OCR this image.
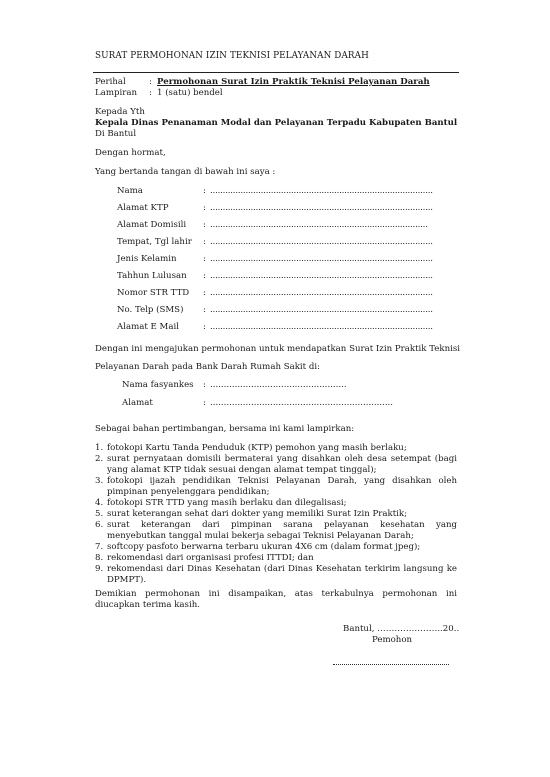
SURAT PERMOHONAN IZIN TEKNISI PELAYANAN DARAH
Perihal	: Permohonan Surat Izin Praktik Teknisi Pelayanan Darah
Lampiran : 1 (satu) bendel
Kepada Yth
Kepala Dinas Penanaman Modal dan Pelayanan Terpadu Kabupaten Bantul
Di Bantul
Dengan hormat,
Yang bertanda tangan di bawah ini saya :
Nama	: ........................................................................................
Alamat KTP	: ........................................................................................
Alamat Domisili : ......................................................................................
Tempat, Tgl lahir : ........................................................................................
Jenis Kelamin	: ........................................................................................
Tahhun Lulusan : ........................................................................................
Nomor STR TTD : ........................................................................................
No. Telp (SMS) : ........................................................................................
Alamat E Mail	: ........................................................................................
Dengan ini mengajukan permohonan untuk mendapatkan Surat Izin Praktik Teknisi
Pelayanan Darah pada Bank Darah Rumah Sakit di:
Nama fasyankes : ..................................................
Alamat	: ...................................................................
Sebagai bahan pertimbangan, bersama ini kami lampirkan:
1. fotokopi Kartu Tanda Penduduk (KTP) pemohon yang masih berlaku;
2. surat pernyataan domisili bermaterai yang disahkan oleh desa setempat (bagi yang alamat KTP tidak sesuai dengan alamat tempat tinggal);
3. fotokopi ijazah pendidikan Teknisi Pelayanan Darah, yang disahkan oleh pimpinan penyelenggara pendidikan;
4. fotokopi STR TTD yang masih berlaku dan dilegalisasi;
5. surat keterangan sehat dari dokter yang memiliki Surat Izin Praktik;
6. surat keterangan dari pimpinan sarana pelayanan kesehatan yang menyebutkan tanggal mulai bekerja sebagai Teknisi Pelayanan Darah;
7. softcopy pasfoto berwarna terbaru ukuran 4X6 cm (dalam format jpeg);
8. rekomendasi dari organisasi profesi ITTDI; dan
9. rekomendasi dari Dinas Kesehatan (dari Dinas Kesehatan terkirim langsung ke DPMPT).
Demikian permohonan ini disampaikan, atas terkabulnya permohonan ini diucapkan terima kasih.
Bantul, …………………..20..
Pemohon
